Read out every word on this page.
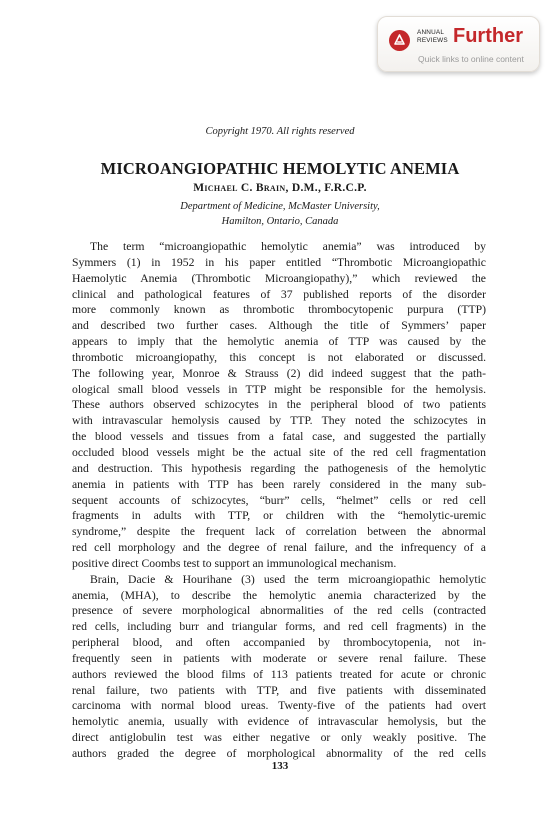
ANNUAL
REVIEWS Further
Quick links to online content
Copyright 1970. All rights reserved
MICROANGIOPATHIC HEMOLYTIC ANEMIA
Michael C. Brain, D.M., F.R.C.P.
Department of Medicine, McMaster University,
Hamilton, Ontario, Canada
The term “microangiopathic hemolytic anemia” was introduced by
Symmers (1) in 1952 in his paper entitled “Thrombotic Microangiopathic
Haemolytic Anemia (Thrombotic Microangiopathy),” which reviewed the
clinical and pathological features of 37 published reports of the disorder
more commonly known as thrombotic thrombocytopenic purpura (TTP)
and described two further cases. Although the title of Symmers’ paper
appears to imply that the hemolytic anemia of TTP was caused by the
thrombotic microangiopathy, this concept is not elaborated or discussed.
The following year, Monroe & Strauss (2) did indeed suggest that the path-
ological small blood vessels in TTP might be responsible for the hemolysis.
These authors observed schizocytes in the peripheral blood of two patients
with intravascular hemolysis caused by TTP. They noted the schizocytes in
the blood vessels and tissues from a fatal case, and suggested the partially
occluded blood vessels might be the actual site of the red cell fragmentation
and destruction. This hypothesis regarding the pathogenesis of the hemolytic
anemia in patients with TTP has been rarely considered in the many sub-
sequent accounts of schizocytes, “burr” cells, “helmet” cells or red cell
fragments in adults with TTP, or children with the “hemolytic-uremic
syndrome,” despite the frequent lack of correlation between the abnormal
red cell morphology and the degree of renal failure, and the infrequency of a
positive direct Coombs test to support an immunological mechanism.
Brain, Dacie & Hourihane (3) used the term microangiopathic hemolytic
anemia, (MHA), to describe the hemolytic anemia characterized by the
presence of severe morphological abnormalities of the red cells (contracted
red cells, including burr and triangular forms, and red cell fragments) in the
peripheral blood, and often accompanied by thrombocytopenia, not in-
frequently seen in patients with moderate or severe renal failure. These
authors reviewed the blood films of 113 patients treated for acute or chronic
renal failure, two patients with TTP, and five patients with disseminated
carcinoma with normal blood ureas. Twenty-five of the patients had overt
hemolytic anemia, usually with evidence of intravascular hemolysis, but the
direct antiglobulin test was either negative or only weakly positive. The
authors graded the degree of morphological abnormality of the red cells
133
